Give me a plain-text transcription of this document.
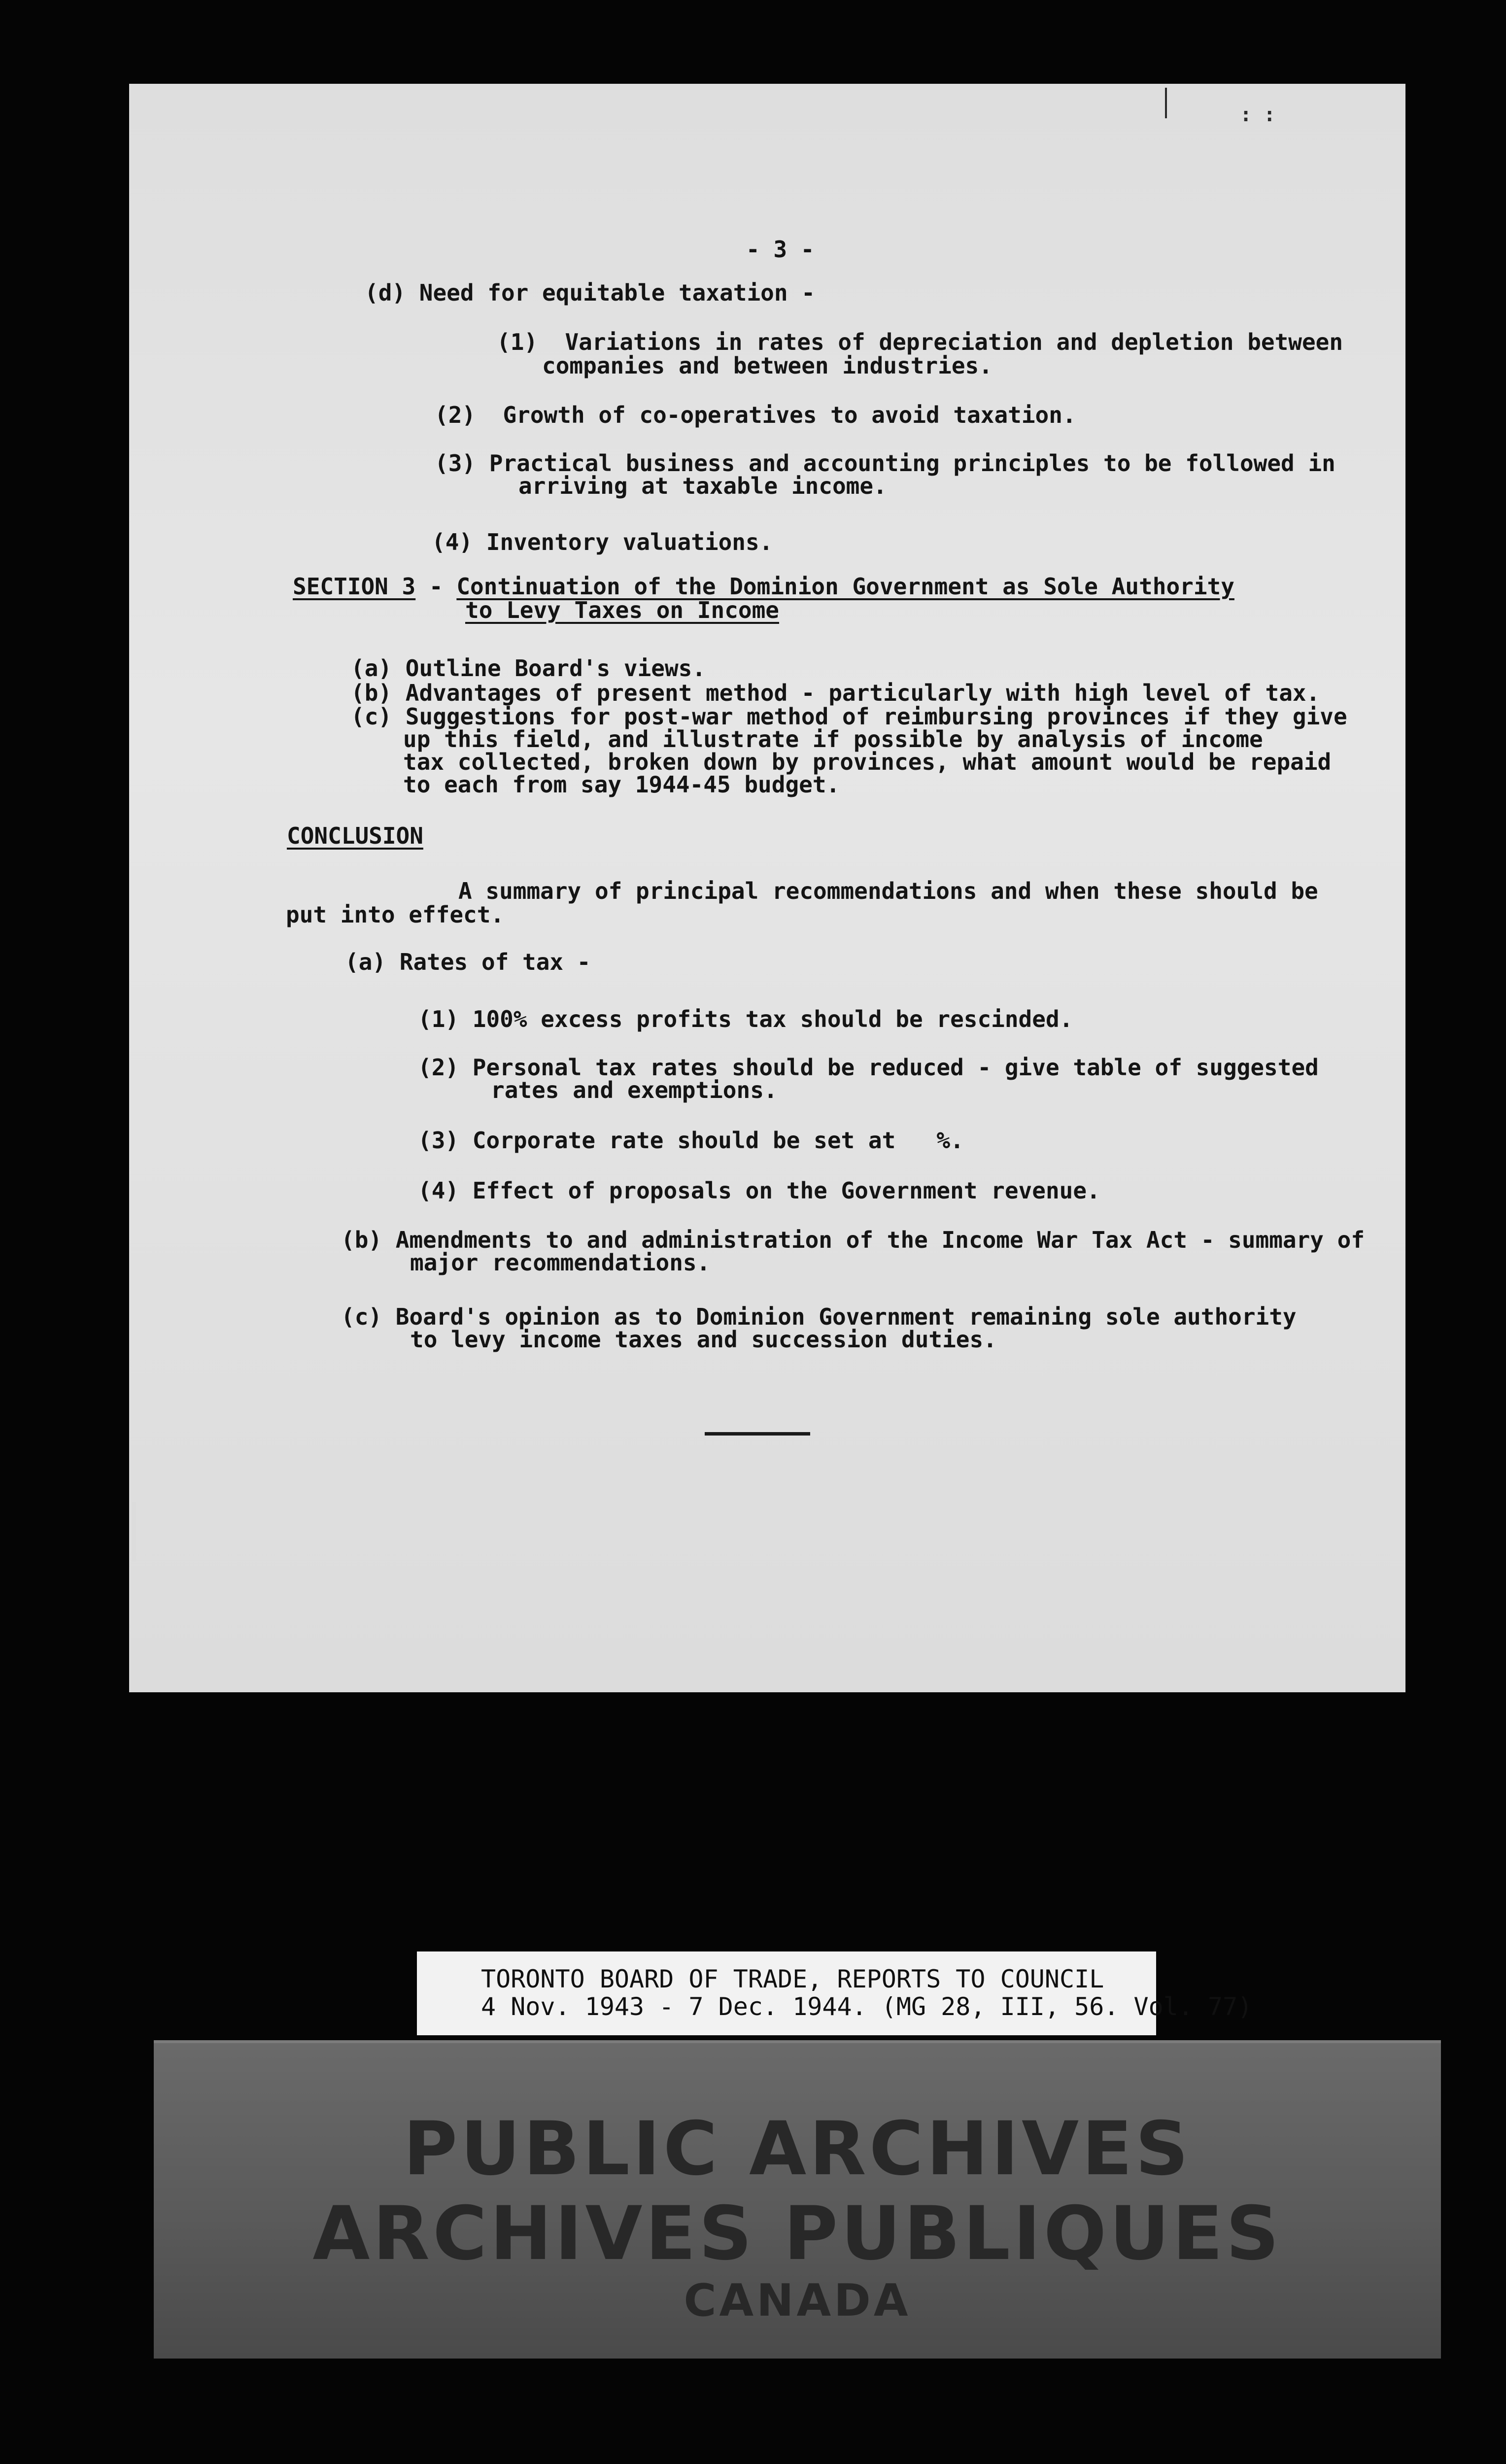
: :
- 3 -
(d) Need for equitable taxation -
(1)  Variations in rates of depreciation and depletion between
companies and between industries.
(2)  Growth of co-operatives to avoid taxation.
(3) Practical business and accounting principles to be followed in
arriving at taxable income.
(4) Inventory valuations.
SECTION 3 - Continuation of the Dominion Government as Sole Authority
to Levy Taxes on Income
(a) Outline Board's views.
(b) Advantages of present method - particularly with high level of tax.
(c) Suggestions for post-war method of reimbursing provinces if they give
up this field, and illustrate if possible by analysis of income
tax collected, broken down by provinces, what amount would be repaid
to each from say 1944-45 budget.
CONCLUSION
A summary of principal recommendations and when these should be
put into effect.
(a) Rates of tax -
(1) 100% excess profits tax should be rescinded.
(2) Personal tax rates should be reduced - give table of suggested
rates and exemptions.
(3) Corporate rate should be set at   %.
(4) Effect of proposals on the Government revenue.
(b) Amendments to and administration of the Income War Tax Act - summary of
major recommendations.
(c) Board's opinion as to Dominion Government remaining sole authority
to levy income taxes and succession duties.
TORONTO BOARD OF TRADE, REPORTS TO COUNCIL
4 Nov. 1943 - 7 Dec. 1944. (MG 28, III, 56. Vol. 77)
PUBLIC ARCHIVES
ARCHIVES PUBLIQUES
CANADA
